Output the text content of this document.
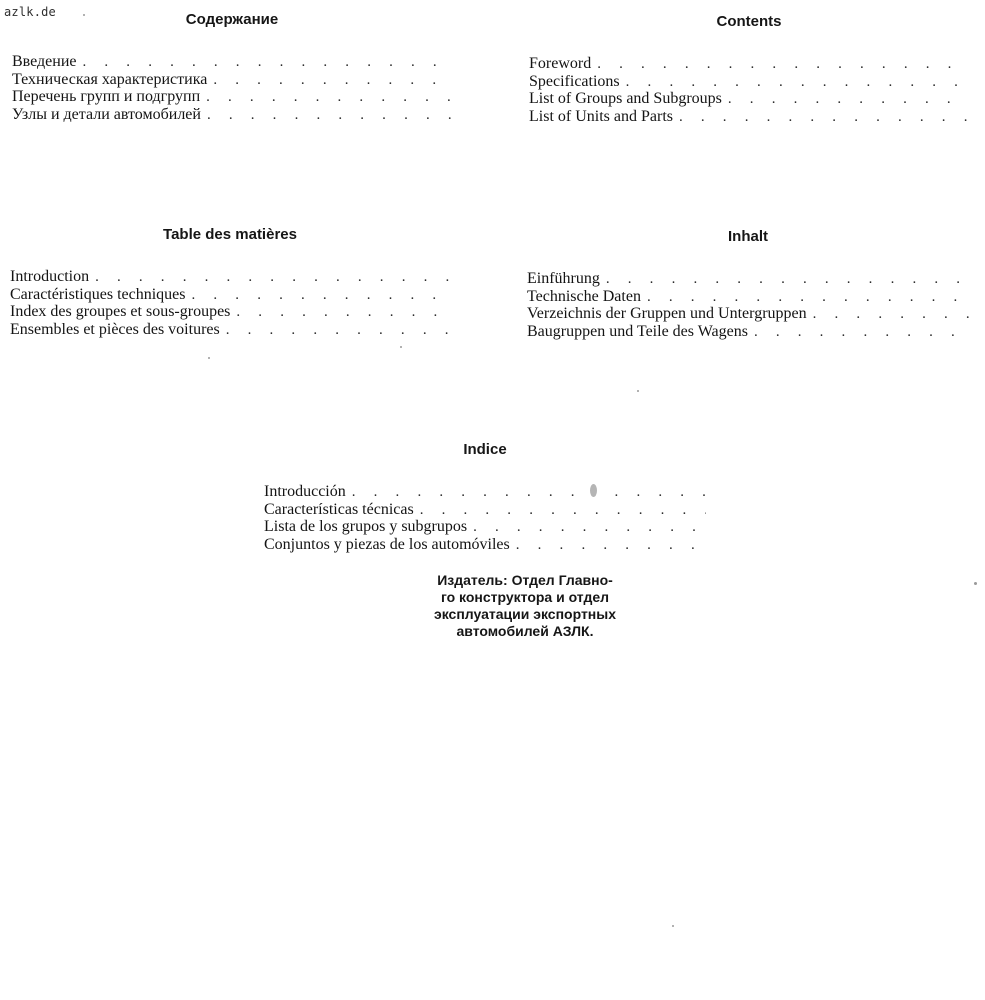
azlk.de	Содержание
Введение
. . .
Техническая характеристика
. . .
Перечень групп и подгрупп
. . .
Узлы и детали автомобилей
. . .
Contents
Foreword
. . .
Specifications
. . .
List of Groups and Subgroups
. . .
List of Units and Parts
. . .
Table des matières
Introduction
. . .
Caractéristiques techniques
. . .
Index des groupes et sous-groupes
. . .
Ensembles et pièces des voitures
. . .
Inhalt
Einführung
. . .
Technische Daten
. . .
Verzeichnis der Gruppen und Untergruppen
. . .
Baugruppen und Teile des Wagens
. . .
Indice
Introducción
. . .
Características técnicas
. . .
Lista de los grupos y subgrupos
. . .
Conjuntos y piezas de los automóviles
. . .
Издатель: Отдел Главно-
го конструктора и отдел
эксплуатации экспортных
автомобилей АЗЛК.
